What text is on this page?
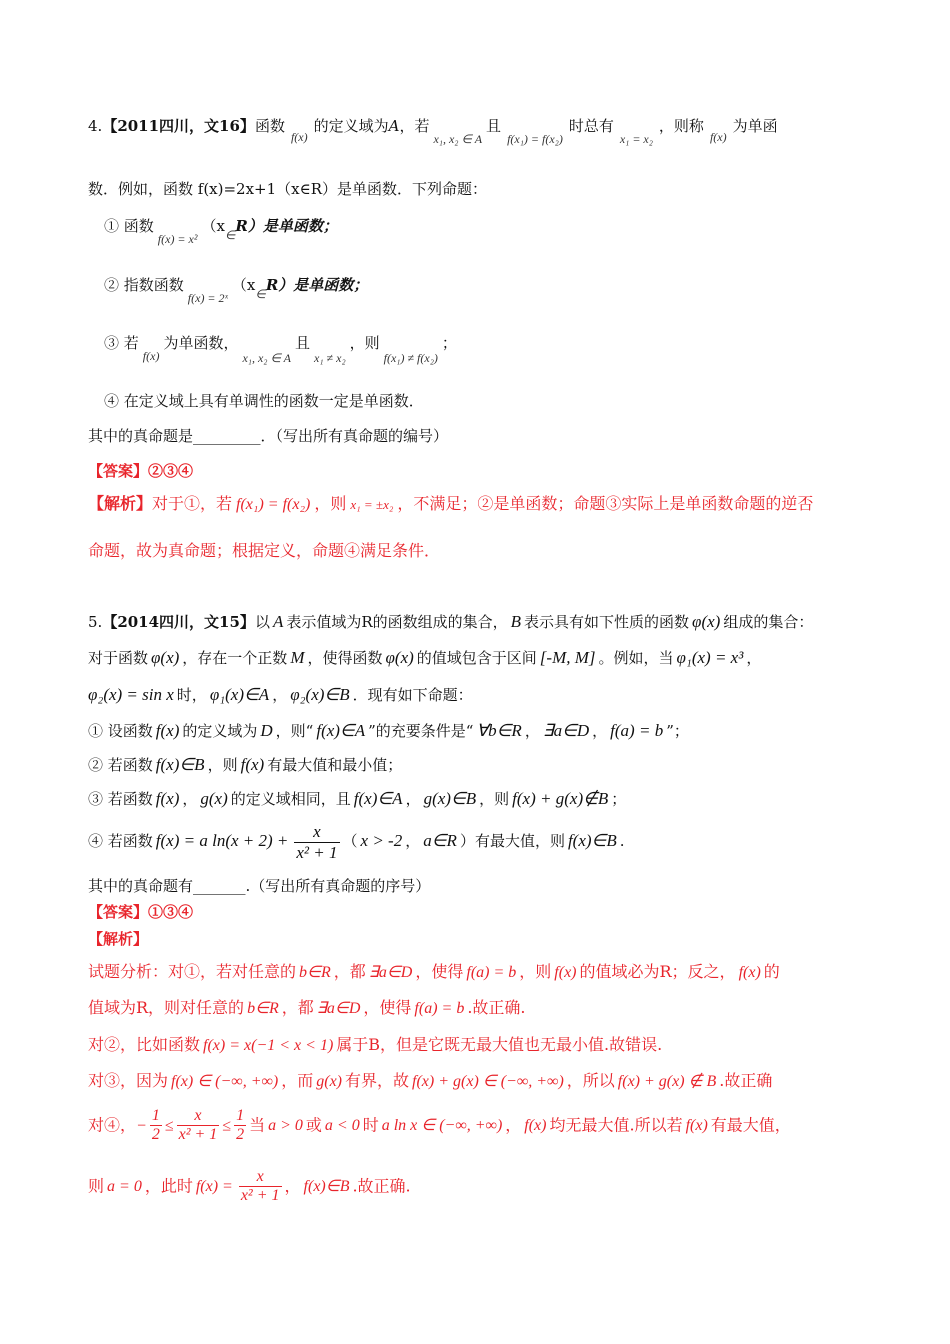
4.【2011四川，文16】函数$_{f(x)}$的定义域为A，若$_{x_1, x_2 \in A}$且$_{f(x_1) = f(x_2)}$时总有$_{x_1 = x_2}$，则称$_{f(x)}$为单函
数．例如，函数 f(x)=2x+1（x∈R）是单函数．下列命题：
① 函数$_{f(x) = x^2}(x_\in R)$是单函数；
② 指数函数$_{f(x) = 2ˣ}(x_\in R)$是单函数；
③ 若$_{f(x)}$为单函数，$_{x_1, x_2 \in A}$且$_{x_1 \ne x_2}$，则$_{f(x_1) \ne f(x_2)}$；
④ 在定义域上具有单调性的函数一定是单函数．
其中的真命题是_________．（写出所有真命题的编号）
【答案】②③④
【解析】对于①，若 f(x₁) = f(x₂) ，则 x₁ = ±x₂ ，不满足；②是单函数；命题③实际上是单函数命题的逆否
命题，故为真命题；根据定义，命题④满足条件．
5.【2014四川，文15】以 A 表示值域为R的函数组成的集合， B 表示具有如下性质的函数 φ(x) 组成的集合：
对于函数 φ(x) ，存在一个正数 M ，使得函数 φ(x) 的值域包含于区间 [-M, M] 。例如，当 φ₁(x) = x³ ，
φ₂(x) = sin x 时， φ₁(x)∈A ， φ₂(x)∈B ．现有如下命题：
① 设函数 f(x) 的定义域为 D ，则“ f(x)∈A ”的充要条件是“ ∀b∈R ， ∃a∈D ， f(a) = b ”；
② 若函数 f(x)∈B ，则 f(x) 有最大值和最小值；
③ 若函数 f(x) ， g(x) 的定义域相同，且 f(x)∈A ， g(x)∈B ，则 f(x) + g(x)∉B ；
④ 若函数 f(x) = a $\ln(x + 2) + \frac{x}{\text{x² + 1}}$ （ x > -2 ， a∈R ）有最大值，则 f(x)∈B .
其中的真命题有_______.（写出所有真命题的序号）
【答案】①③④
【解析】
试题分析：对①，若对任意的 b∈R ，都 ∃a∈D ，使得 f(a) = b ，则 f(x) 的值域必为R；反之， f(x) 的
值域为R，则对任意的 b∈R ，都 ∃a∈D ，使得 f(a) = b .故正确.
对②，比如函数 f(x) = x(−1 < x < 1) 属于B，但是它既无最大值也无最小值.故错误.
对③，因为 f(x) ∈ (−∞, +∞) ，而 g(x) 有界，故 f(x) + g(x) ∈ (−∞, +∞) ，所以 f(x) + g(x) ∉ B .故正确
对④，− $\frac{1}{2} \le \frac{x}{\text{x² + 1}} \le \frac{1}{2}$ 当 a > 0 或 a < 0 时 a ln x ∈ (−∞, +∞) ， f(x) 均无最大值.所以若 f(x) 有最大值，
则 a = 0 ，此时 $f(x) = \frac{x}{\text{x² + 1}}$ ， f(x)∈B .故正确.
